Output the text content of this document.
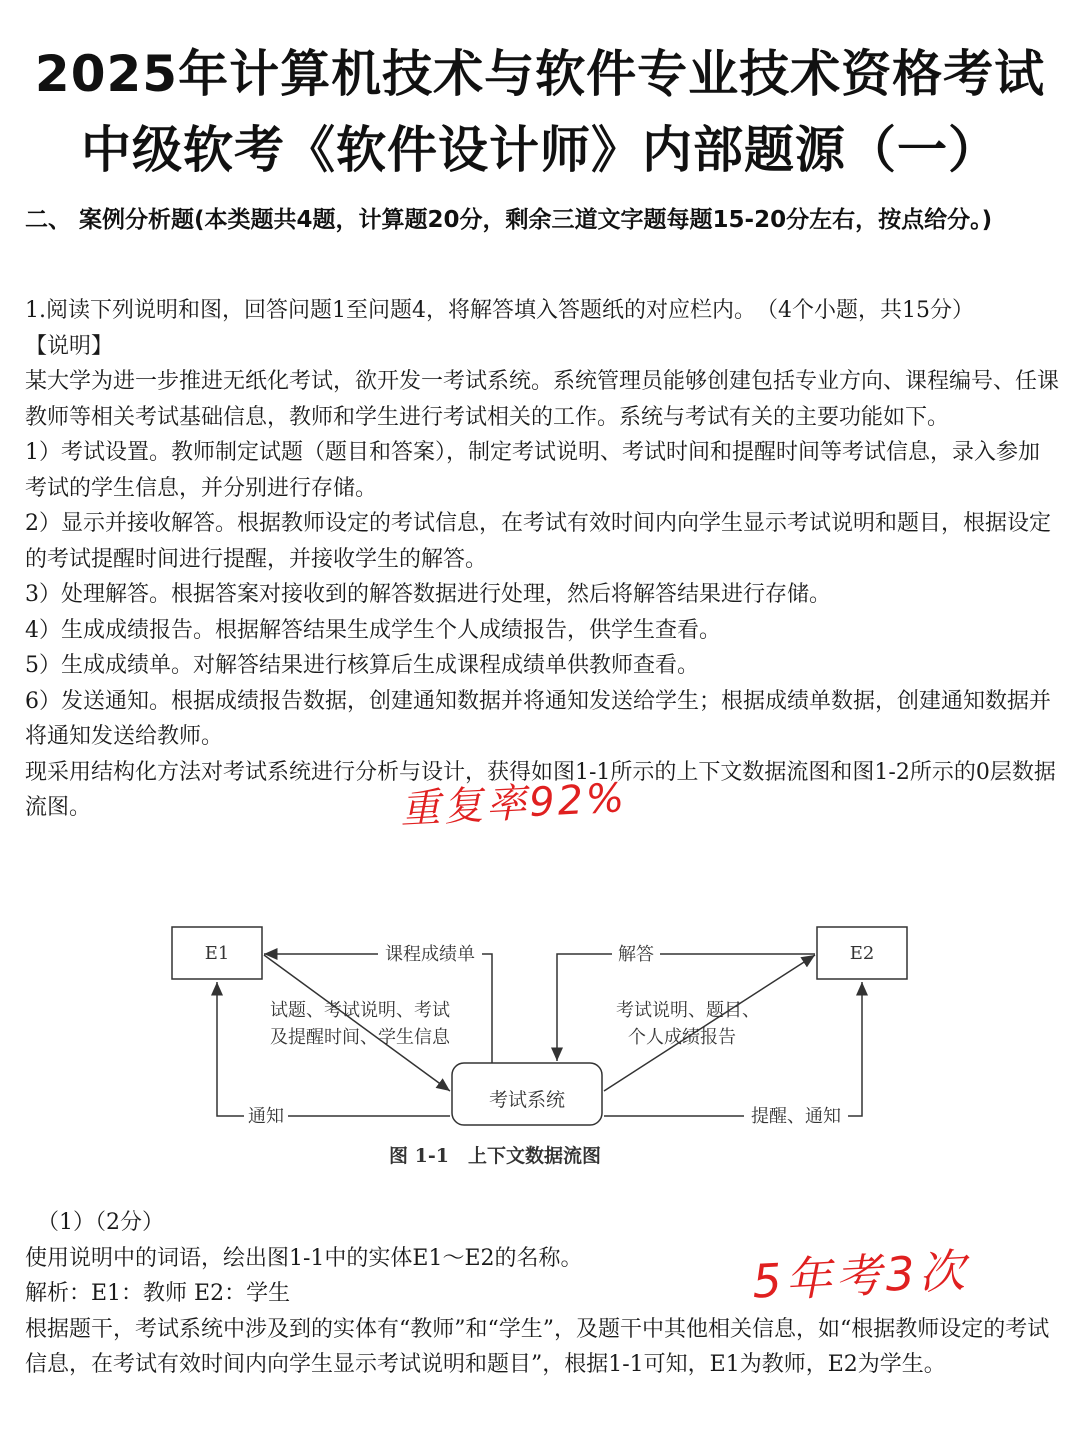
2025年计算机技术与软件专业技术资格考试
中级软考《软件设计师》内部题源（一）
二、 案例分析题(本类题共4题，计算题20分，剩余三道文字题每题15-20分左右，按点给分。)

1.阅读下列说明和图，回答问题1至问题4，将解答填入答题纸的对应栏内。　（4个小题，共15分）

【说明】

某大学为进一步推进无纸化考试，欲开发一考试系统。系统管理员能够创建包括专业方向、课程编号、任课教师等相关考试基础信息，教师和学生进行考试相关的工作。系统与考试有关的主要功能如下。

1）考试设置。教师制定试题（题目和答案），制定考试说明、考试时间和提醒时间等考试信息，录入参加考试的学生信息，并分别进行存储。

2）显示并接收解答。根据教师设定的考试信息，在考试有效时间内向学生显示考试说明和题目，根据设定的考试提醒时间进行提醒，并接收学生的解答。

3）处理解答。根据答案对接收到的解答数据进行处理，然后将解答结果进行存储。

4）生成成绩报告。根据解答结果生成学生个人成绩报告，供学生查看。

5）生成成绩单。对解答结果进行核算后生成课程成绩单供教师查看。

6）发送通知。根据成绩报告数据，创建通知数据并将通知发送给学生；根据成绩单数据，创建通知数据并将通知发送给教师。

现采用结构化方法对考试系统进行分析与设计，获得如图1-1所示的上下文数据流图和图1-2所示的0层数据流图。	重复率92%
E1	E2
考试系统
课程成绩单	解答
试题、考试说明、考试
及提醒时间、学生信息
考试说明、题目、
个人成绩报告
通知	提醒、通知
图 1-1　上下文数据流图

（1）（2分）

使用说明中的词语，绘出图1-1中的实体E1～E2的名称。

解析：E1：教师 E2：学生

根据题干，考试系统中涉及到的实体有“教师”和“学生”，及题干中其他相关信息，如“根据教师设定的考试信息，在考试有效时间内向学生显示考试说明和题目”，根据1-1可知，E1为教师，E2为学生。

5年考3次
